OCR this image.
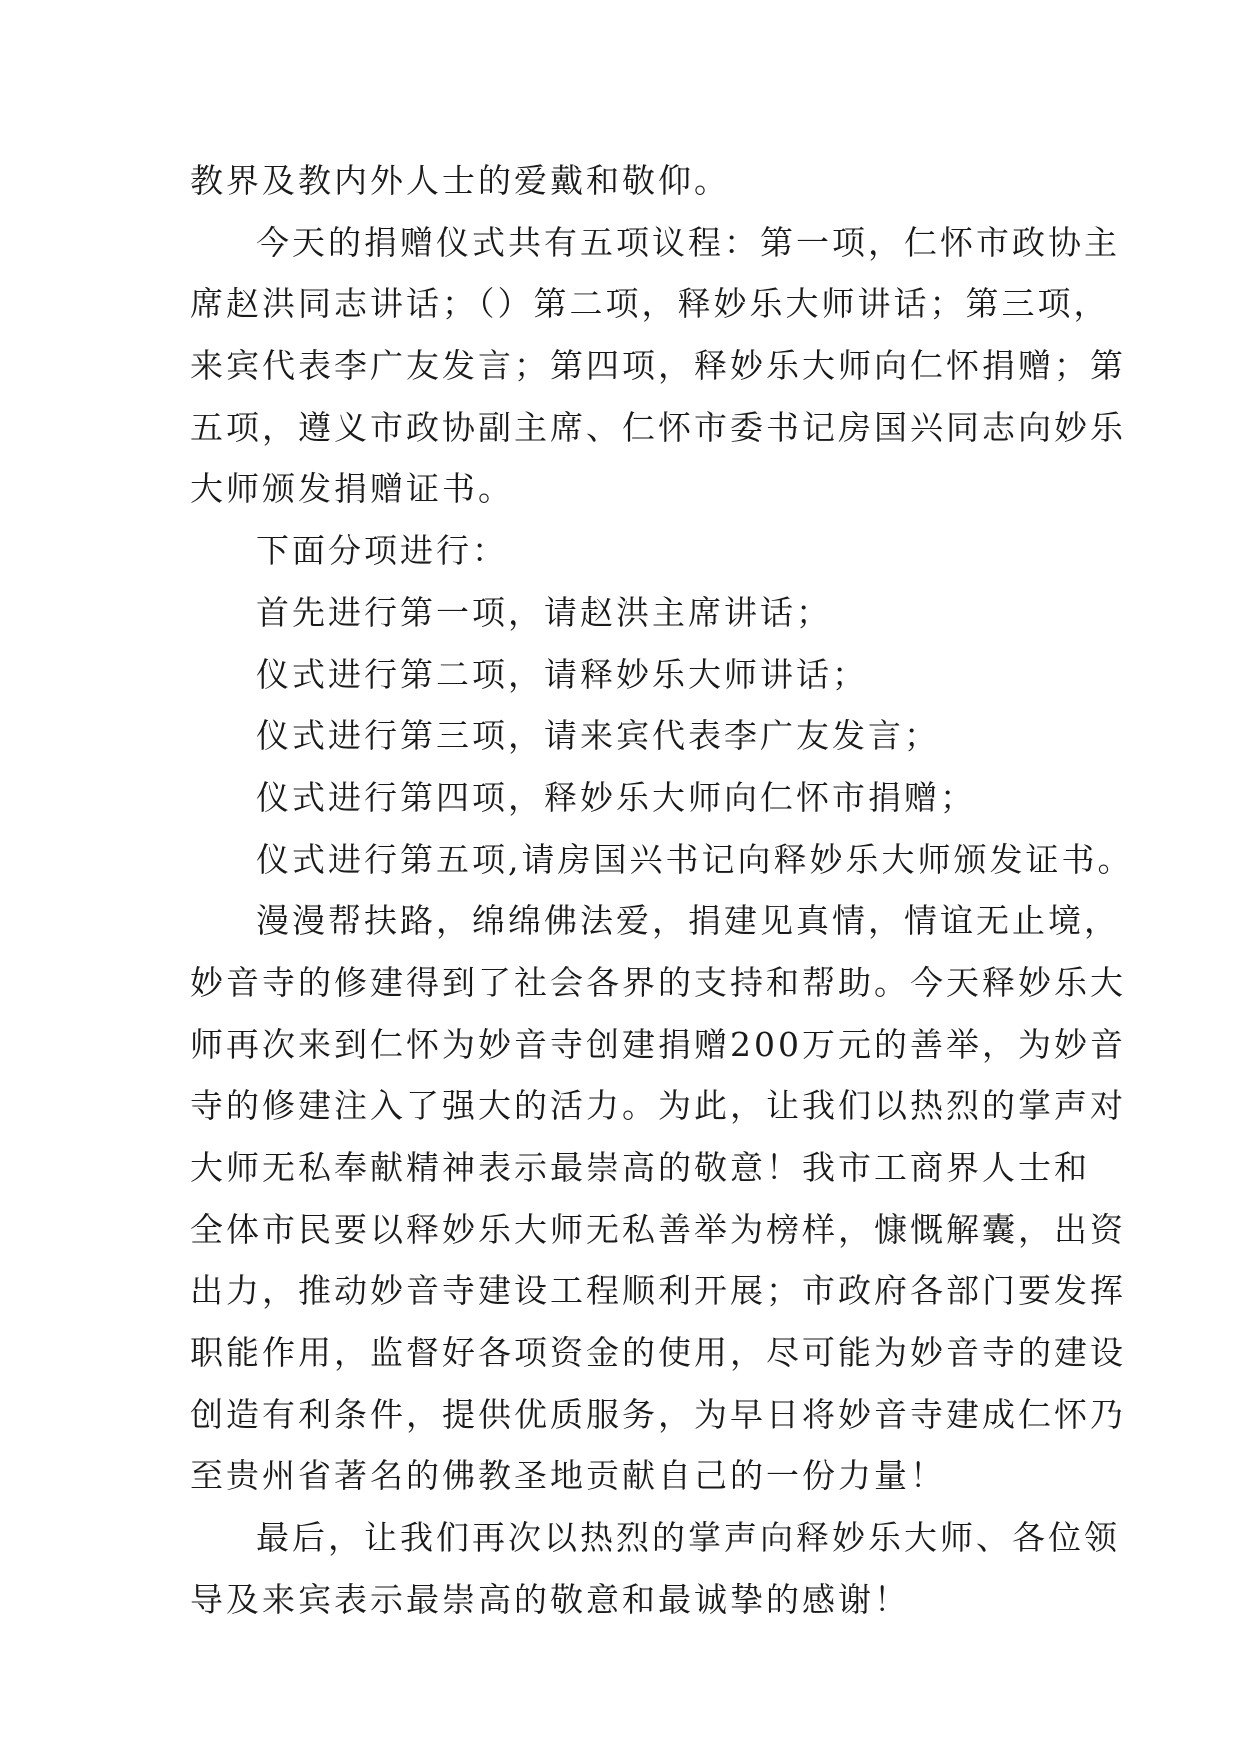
教界及教内外人士的爱戴和敬仰。
今天的捐赠仪式共有五项议程：第一项，仁怀市政协主
席赵洪同志讲话；（）第二项，释妙乐大师讲话；第三项，
来宾代表李广友发言；第四项，释妙乐大师向仁怀捐赠；第
五项，遵义市政协副主席、仁怀市委书记房国兴同志向妙乐
大师颁发捐赠证书。
下面分项进行：
首先进行第一项，请赵洪主席讲话；
仪式进行第二项，请释妙乐大师讲话；
仪式进行第三项，请来宾代表李广友发言；
仪式进行第四项，释妙乐大师向仁怀市捐赠；
仪式进行第五项,请房国兴书记向释妙乐大师颁发证书。
漫漫帮扶路，绵绵佛法爱，捐建见真情，情谊无止境，
妙音寺的修建得到了社会各界的支持和帮助。今天释妙乐大
师再次来到仁怀为妙音寺创建捐赠200万元的善举，为妙音
寺的修建注入了强大的活力。为此，让我们以热烈的掌声对
大师无私奉献精神表示最崇高的敬意！我市工商界人士和
全体市民要以释妙乐大师无私善举为榜样，慷慨解囊，出资
出力，推动妙音寺建设工程顺利开展；市政府各部门要发挥
职能作用，监督好各项资金的使用，尽可能为妙音寺的建设
创造有利条件，提供优质服务，为早日将妙音寺建成仁怀乃
至贵州省著名的佛教圣地贡献自己的一份力量！
最后，让我们再次以热烈的掌声向释妙乐大师、各位领
导及来宾表示最崇高的敬意和最诚挚的感谢！
